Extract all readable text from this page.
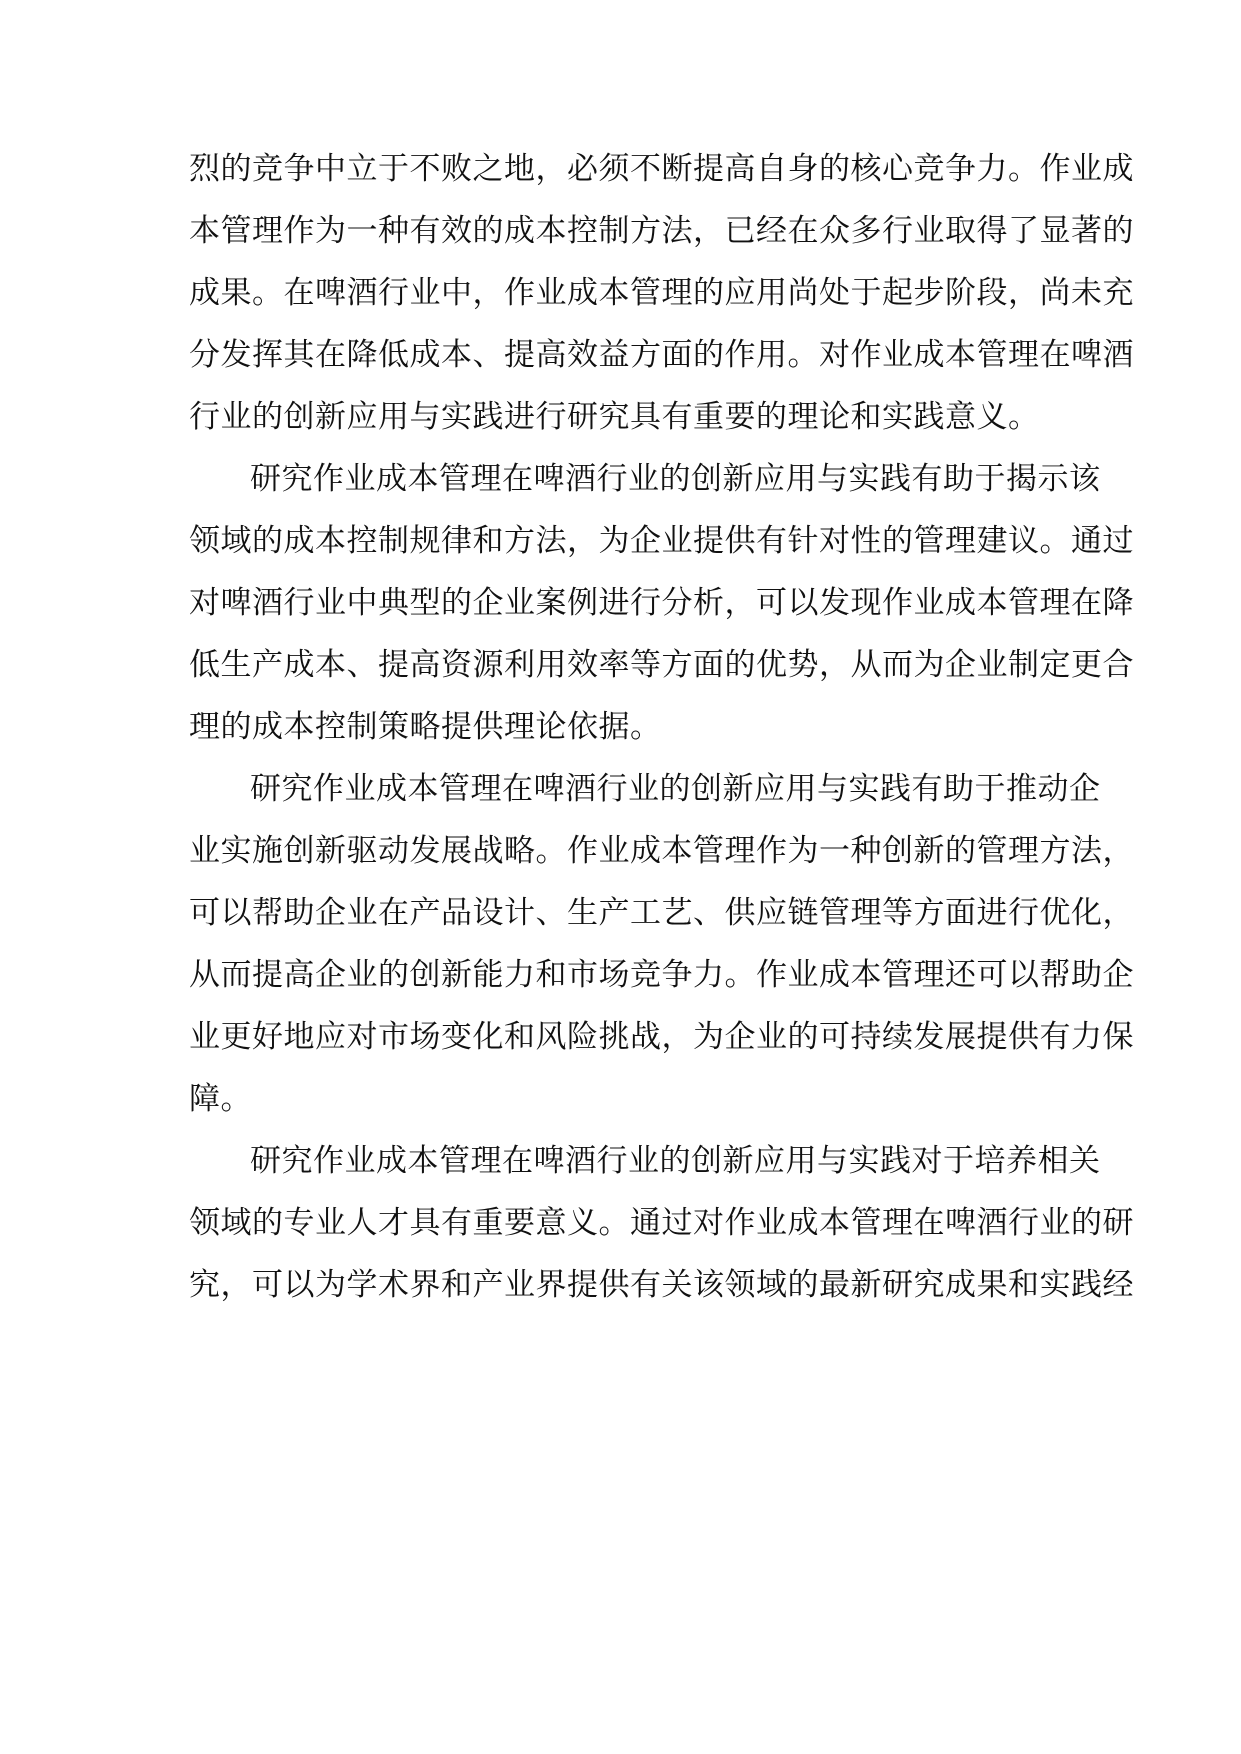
烈的竞争中立于不败之地，必须不断提高自身的核心竞争力。作业成
本管理作为一种有效的成本控制方法，已经在众多行业取得了显著的
成果。在啤酒行业中，作业成本管理的应用尚处于起步阶段，尚未充
分发挥其在降低成本、提高效益方面的作用。对作业成本管理在啤酒
行业的创新应用与实践进行研究具有重要的理论和实践意义。
研究作业成本管理在啤酒行业的创新应用与实践有助于揭示该
领域的成本控制规律和方法，为企业提供有针对性的管理建议。通过
对啤酒行业中典型的企业案例进行分析，可以发现作业成本管理在降
低生产成本、提高资源利用效率等方面的优势，从而为企业制定更合
理的成本控制策略提供理论依据。
研究作业成本管理在啤酒行业的创新应用与实践有助于推动企
业实施创新驱动发展战略。作业成本管理作为一种创新的管理方法，
可以帮助企业在产品设计、生产工艺、供应链管理等方面进行优化，
从而提高企业的创新能力和市场竞争力。作业成本管理还可以帮助企
业更好地应对市场变化和风险挑战，为企业的可持续发展提供有力保
障。
研究作业成本管理在啤酒行业的创新应用与实践对于培养相关
领域的专业人才具有重要意义。通过对作业成本管理在啤酒行业的研
究，可以为学术界和产业界提供有关该领域的最新研究成果和实践经
